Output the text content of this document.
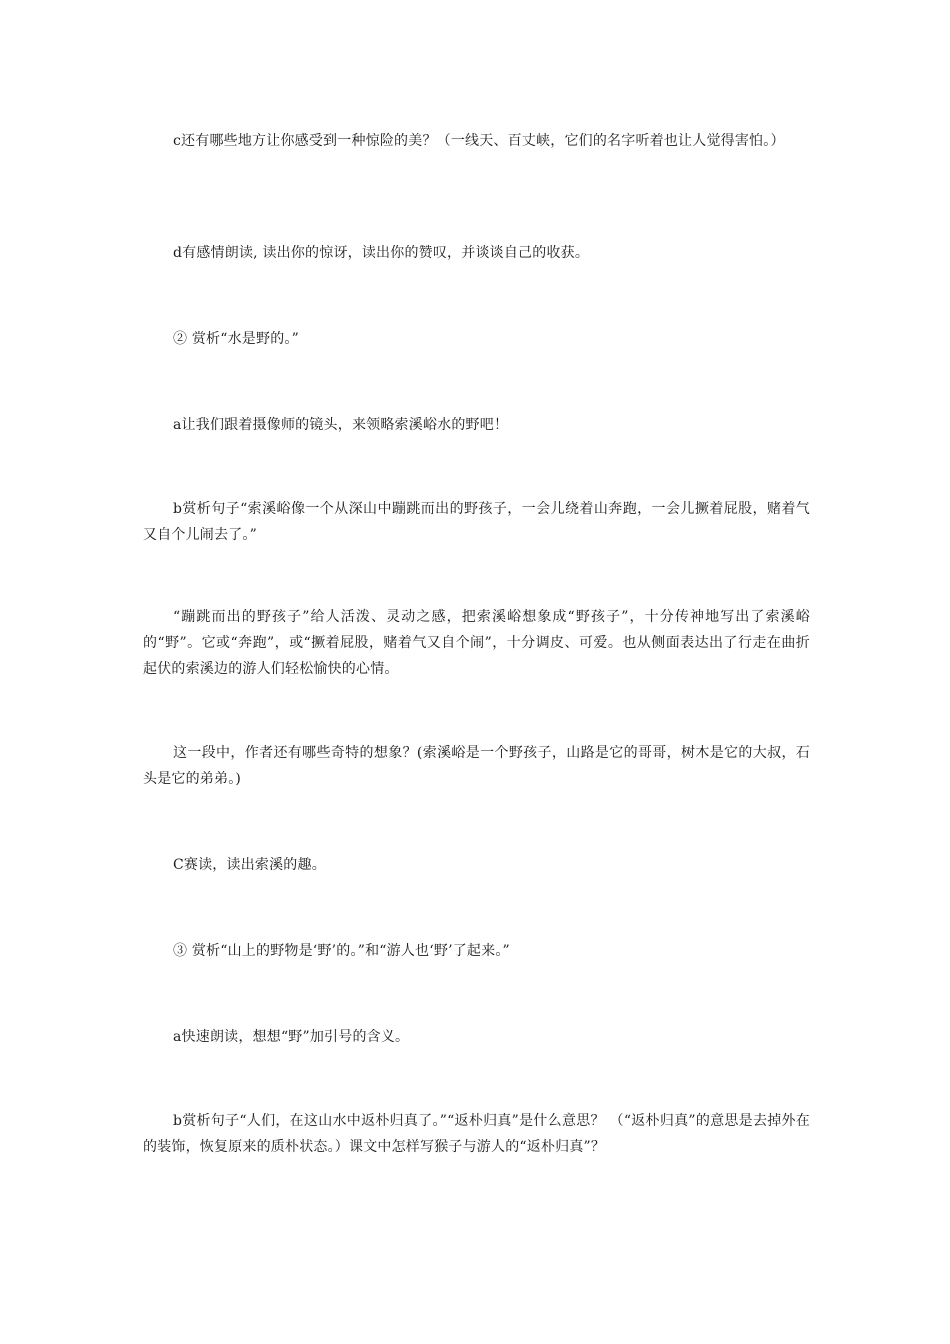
c还有哪些地方让你感受到一种惊险的美？（一线天、百丈峡，它们的名字听着也让人觉得害怕。）

d有感情朗读, 读出你的惊讶，读出你的赞叹，并谈谈自己的收获。

② 赏析“水是野的。”

a让我们跟着摄像师的镜头，来领略索溪峪水的野吧！

b赏析句子“索溪峪像一个从深山中蹦跳而出的野孩子，一会儿绕着山奔跑，一会儿撅着屁股，赌着气又自个儿闹去了。”

“蹦跳而出的野孩子”给人活泼、灵动之感，把索溪峪想象成“野孩子”，十分传神地写出了索溪峪的“野”。它或“奔跑”，或“撅着屁股，赌着气又自个闹”，十分调皮、可爱。也从侧面表达出了行走在曲折起伏的索溪边的游人们轻松愉快的心情。

这一段中，作者还有哪些奇特的想象？(索溪峪是一个野孩子，山路是它的哥哥，树木是它的大叔，石头是它的弟弟。)

C赛读，读出索溪的趣。

③ 赏析“山上的野物是‘野’的。”和“游人也‘野’了起来。”

a快速朗读，想想“野”加引号的含义。

b赏析句子“人们，在这山水中返朴归真了。”“返朴归真”是什么意思？ （“返朴归真”的意思是去掉外在的装饰，恢复原来的质朴状态。）课文中怎样写猴子与游人的“返朴归真”？
